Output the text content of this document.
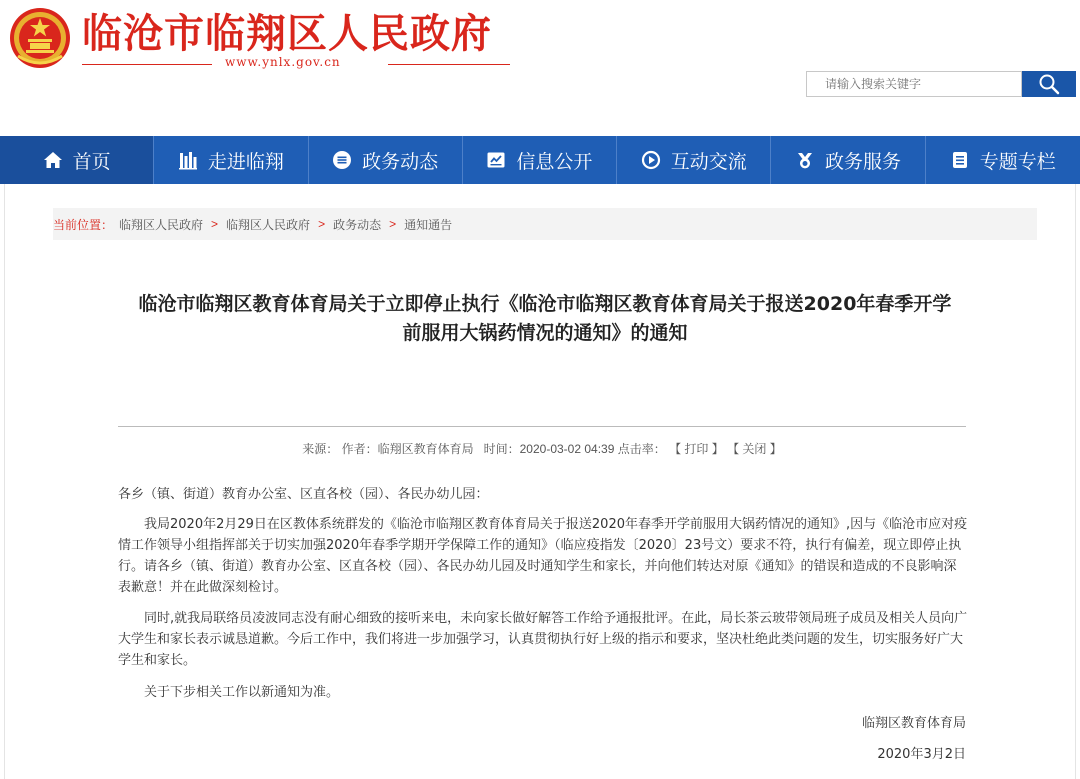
临沧市临翔区人民政府
www.ynlx.gov.cn
请输入搜索关键字
首页	走进临翔	政务动态	信息公开	互动交流	政务服务	专题专栏
当前位置： 临翔区人民政府 > 临翔区人民政府 > 政务动态 > 通知通告
临沧市临翔区教育体育局关于立即停止执行《临沧市临翔区教育体育局关于报送2020年春季开学
前服用大锅药情况的通知》的通知
来源： 作者：临翔区教育体育局 时间：2020-03-02 04:39 点击率： 【 打印 】 【 关闭 】
各乡（镇、街道）教育办公室、区直各校（园）、各民办幼儿园：
我局2020年2月29日在区教体系统群发的《临沧市临翔区教育体育局关于报送2020年春季开学前服用大锅药情况的通知》,因与《临沧市应对疫情工作领导小组指挥部关于切实加强2020年春季学期开学保障工作的通知》（临应疫指发〔2020〕23号文）要求不符，执行有偏差，现立即停止执行。请各乡（镇、街道）教育办公室、区直各校（园）、各民办幼儿园及时通知学生和家长，并向他们转达对原《通知》的错误和造成的不良影响深表歉意！并在此做深刻检讨。
同时,就我局联络员凌波同志没有耐心细致的接听来电，未向家长做好解答工作给予通报批评。在此，局长茶云玻带领局班子成员及相关人员向广大学生和家长表示诚恳道歉。今后工作中，我们将进一步加强学习，认真贯彻执行好上级的指示和要求，坚决杜绝此类问题的发生，切实服务好广大学生和家长。
关于下步相关工作以新通知为准。
临翔区教育体育局
2020年3月2日
